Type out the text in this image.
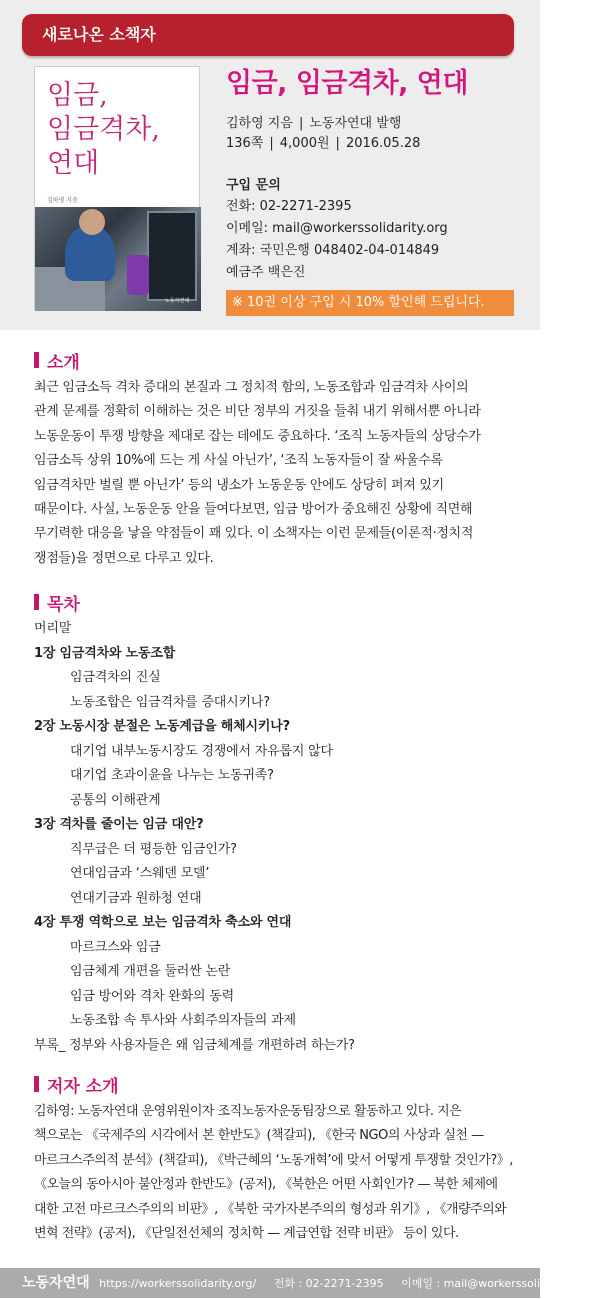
새로나온 소책자
임금,
임금격차,
연대
김하영 지음
노동자연대
임금, 임금격차, 연대
김하영 지음 | 노동자연대 발행
136쪽 | 4,000원 | 2016.05.28
구입 문의
전화: 02-2271-2395
이메일: mail@workerssolidarity.org
계좌: 국민은행 048402-04-014849
예금주 백은진
※ 10권 이상 구입 시 10% 할인해 드립니다.
소개
최근 임금소득 격차 증대의 본질과 그 정치적 함의, 노동조합과 임금격차 사이의
관계 문제를 정확히 이해하는 것은 비단 정부의 거짓을 들춰 내기 위해서뿐 아니라
노동운동이 투쟁 방향을 제대로 잡는 데에도 중요하다. ‘조직 노동자들의 상당수가
임금소득 상위 10%에 드는 게 사실 아닌가’, ‘조직 노동자들이 잘 싸울수록
임금격차만 벌릴 뿐 아닌가’ 등의 냉소가 노동운동 안에도 상당히 퍼져 있기
때문이다. 사실, 노동운동 안을 들여다보면, 임금 방어가 중요해진 상황에 직면해
무기력한 대응을 낳을 약점들이 꽤 있다. 이 소책자는 이런 문제들(이론적·정치적
쟁점들)을 정면으로 다루고 있다.
목차
머리말
1장 임금격차와 노동조합
임금격차의 진실
노동조합은 임금격차를 증대시키나?
2장 노동시장 분절은 노동계급을 해체시키나?
대기업 내부노동시장도 경쟁에서 자유롭지 않다
대기업 초과이윤을 나누는 노동귀족?
공통의 이해관계
3장 격차를 줄이는 임금 대안?
직무급은 더 평등한 임금인가?
연대임금과 ‘스웨덴 모델’
연대기금과 원하청 연대
4장 투쟁 역학으로 보는 임금격차 축소와 연대
마르크스와 임금
임금체계 개편을 둘러싼 논란
임금 방어와 격차 완화의 동력
노동조합 속 투사와 사회주의자들의 과제
부록_ 정부와 사용자들은 왜 임금체계를 개편하려 하는가?
저자 소개
김하영: 노동자연대 운영위원이자 조직노동자운동팀장으로 활동하고 있다. 지은
책으로는 《국제주의 시각에서 본 한반도》(책갈피), 《한국 NGO의 사상과 실천 —
마르크스주의적 분석》(책갈피), 《박근혜의 ‘노동개혁’에 맞서 어떻게 투쟁할 것인가?》,
《오늘의 동아시아 불안정과 한반도》(공저), 《북한은 어떤 사회인가? — 북한 체제에
대한 고전 마르크스주의의 비판》, 《북한 국가자본주의의 형성과 위기》, 《개량주의와
변혁 전략》(공저), 《단일전선체의 정치학 — 계급연합 전략 비판》 등이 있다.
노동자연대 https://workerssolidarity.org/ 전화 : 02-2271-2395 이메일 : mail@workerssolidarity.org
